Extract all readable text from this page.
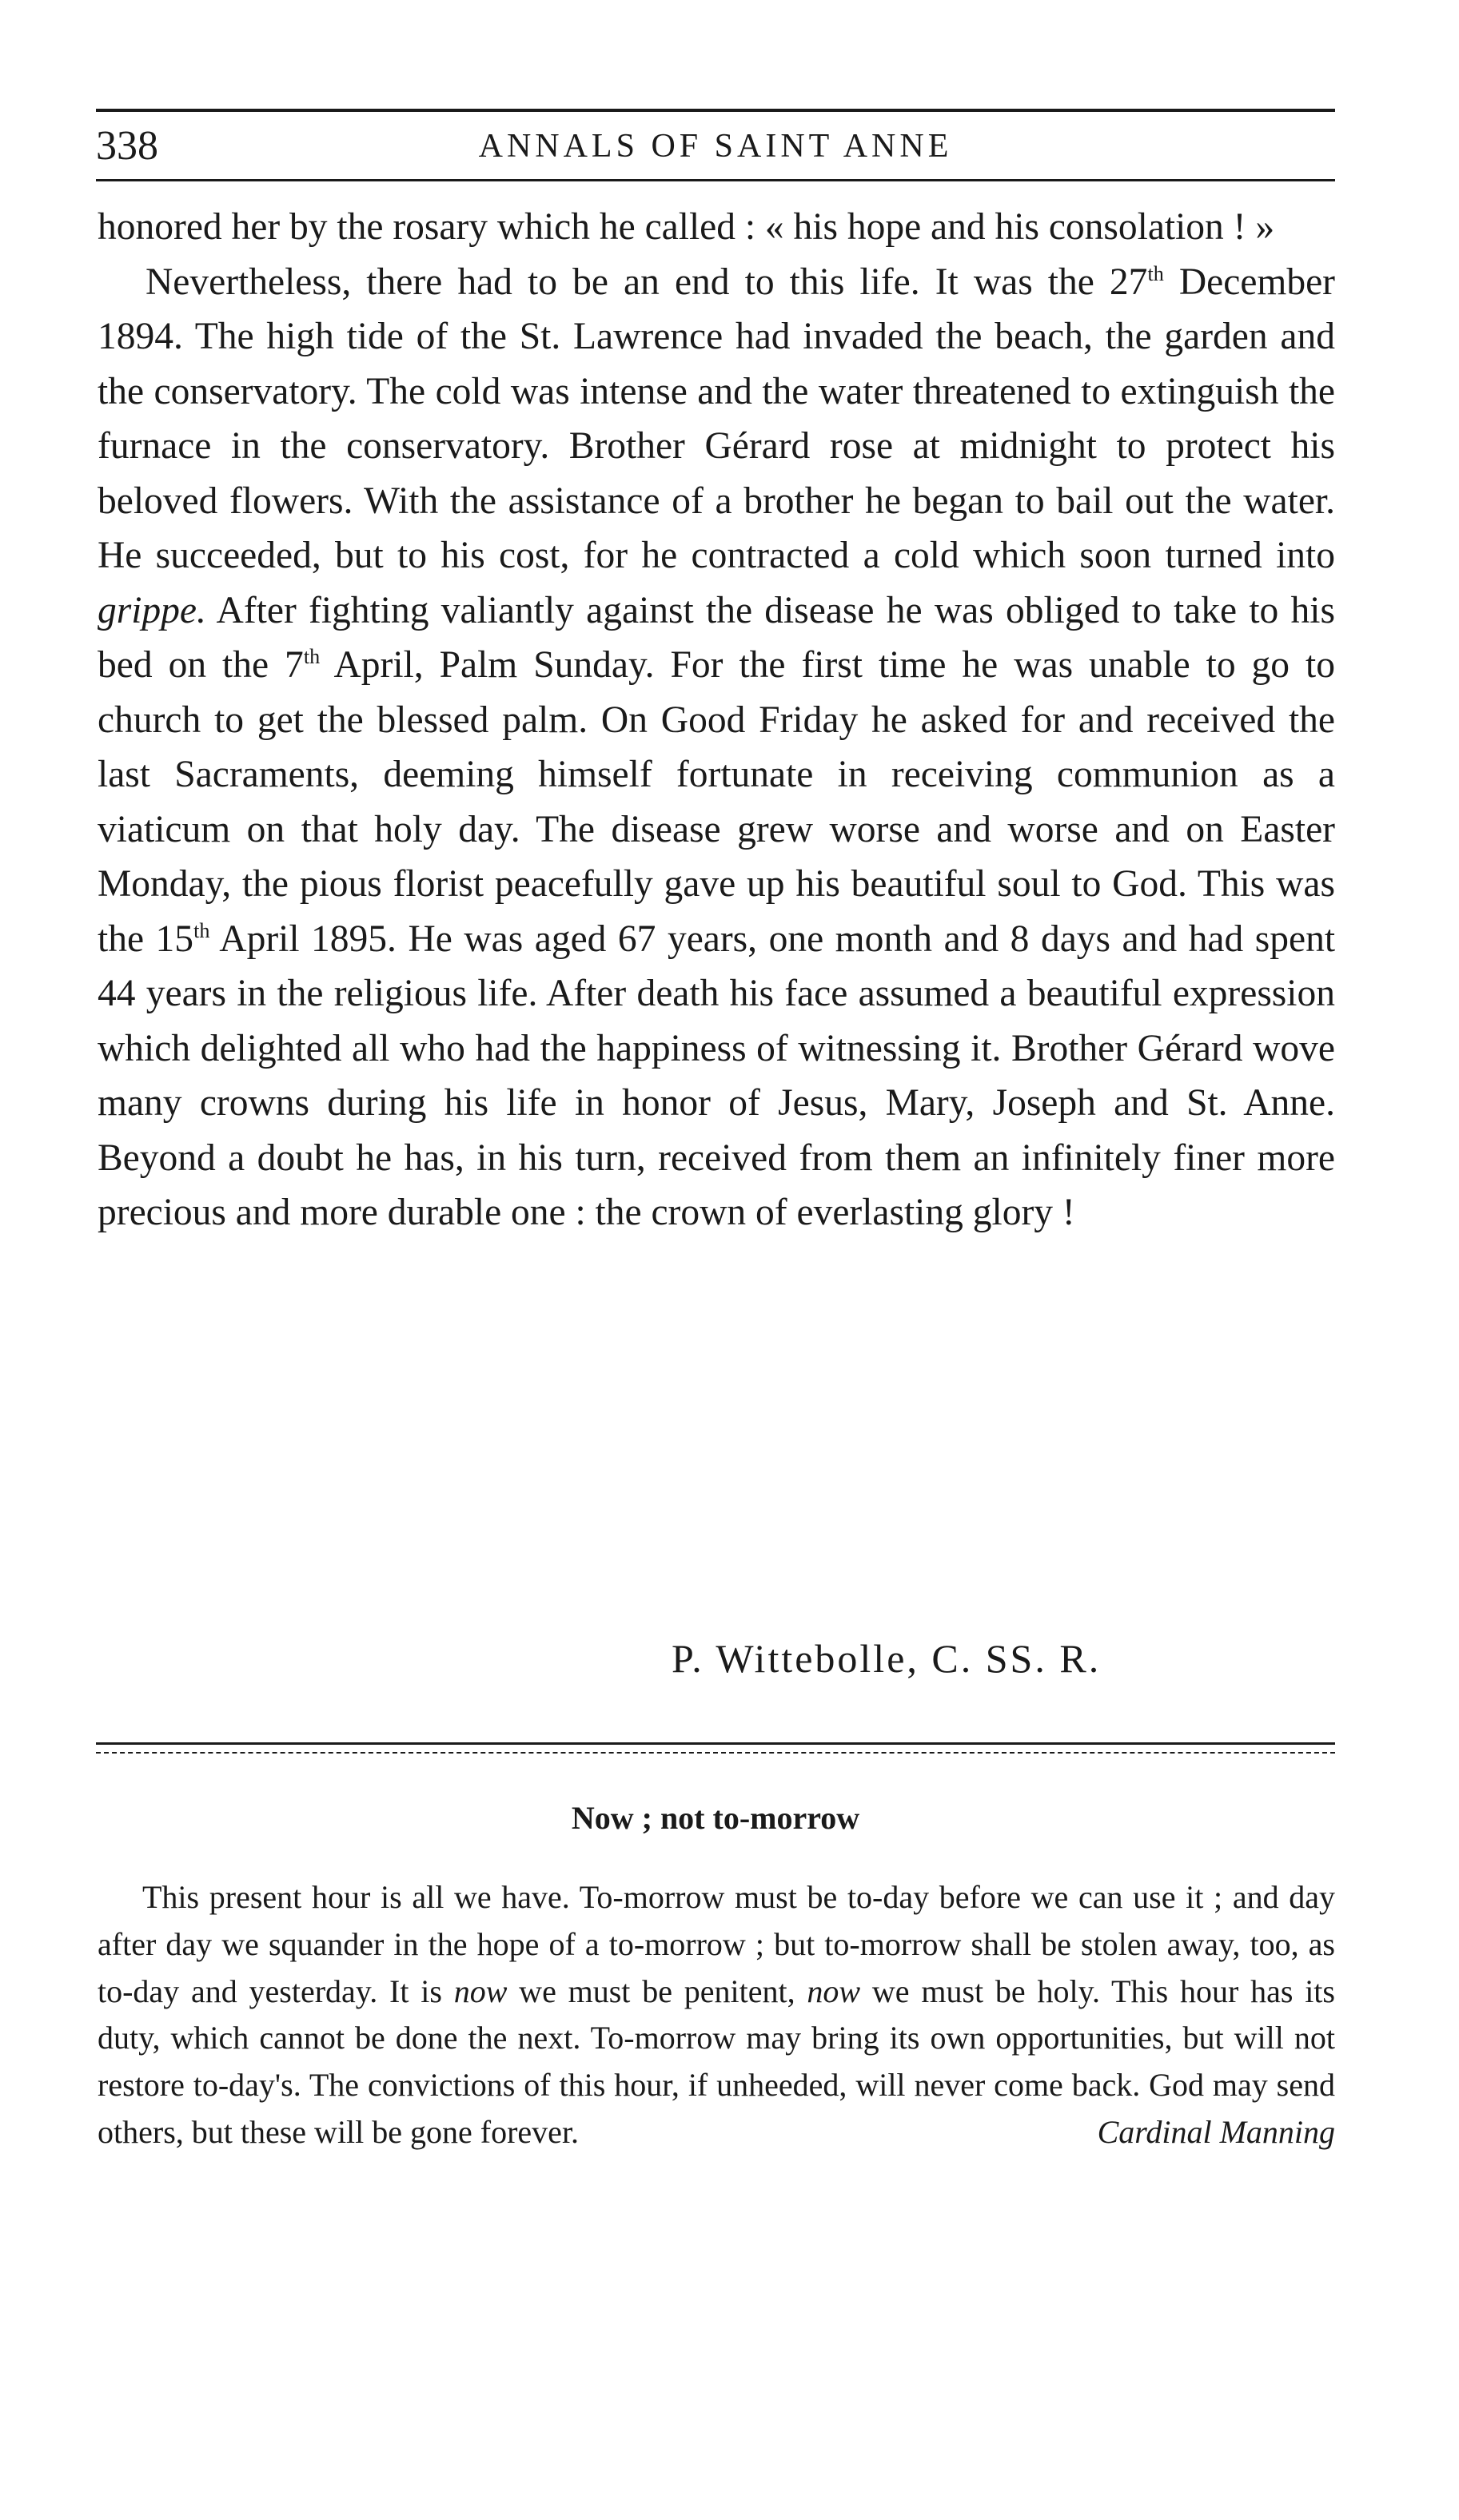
338	ANNALS OF SAINT ANNE

honored her by the rosary which he called : « his hope and his consolation ! »

Nevertheless, there had to be an end to this life. It was the 27th December 1894. The high tide of the St. Lawrence had invaded the beach, the garden and the conservatory. The cold was intense and the water threatened to extinguish the furnace in the conservatory. Brother Gérard rose at midnight to protect his beloved flowers. With the assistance of a brother he began to bail out the water. He succeeded, but to his cost, for he contracted a cold which soon turned into grippe. After fighting valiantly against the disease he was obliged to take to his bed on the 7th April, Palm Sunday. For the first time he was unable to go to church to get the blessed palm. On Good Friday he asked for and received the last Sacraments, deeming himself fortunate in receiving communion as a viaticum on that holy day. The disease grew worse and worse and on Easter Monday, the pious florist peacefully gave up his beautiful soul to God. This was the 15th April 1895. He was aged 67 years, one month and 8 days and had spent 44 years in the religious life. After death his face assumed a beautiful expression which delighted all who had the happiness of witnessing it. Brother Gérard wove many crowns during his life in honor of Jesus, Mary, Joseph and St. Anne. Beyond a doubt he has, in his turn, received from them an infinitely finer more precious and more durable one : the crown of everlasting glory !

P. Wittebolle, C. SS. R.
Now ; not to-morrow
This present hour is all we have. To-morrow must be to-day before we can use it ; and day after day we squander in the hope of a to-morrow ; but to-morrow shall be stolen away, too, as to-day and yesterday. It is now we must be penitent, now we must be holy. This hour has its duty, which cannot be done the next. To-morrow may bring its own opportunities, but will not restore to-day's. The convictions of this hour, if unheeded, will never come back. God may send others, but these will be gone forever.	Cardinal Manning
